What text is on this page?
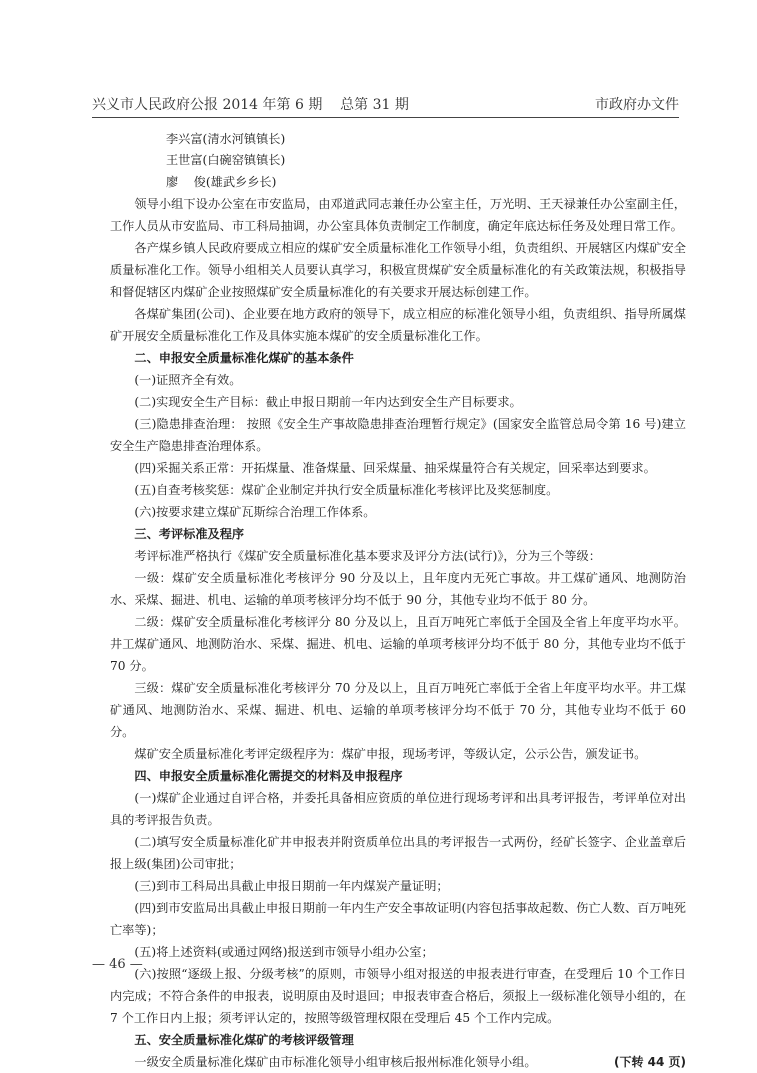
兴义市人民政府公报 2014 年第 6 期    总第 31 期	市政府办文件

李兴富(清水河镇镇长)

王世富(白碗窑镇镇长)

廖    俊(雄武乡乡长)

领导小组下设办公室在市安监局，由邓道武同志兼任办公室主任，万光明、王天禄兼任办公室副主任，工作人员从市安监局、市工科局抽调，办公室具体负责制定工作制度，确定年底达标任务及处理日常工作。

各产煤乡镇人民政府要成立相应的煤矿安全质量标准化工作领导小组，负责组织、开展辖区内煤矿安全质量标准化工作。领导小组相关人员要认真学习，积极宣贯煤矿安全质量标准化的有关政策法规，积极指导和督促辖区内煤矿企业按照煤矿安全质量标准化的有关要求开展达标创建工作。

各煤矿集团(公司)、企业要在地方政府的领导下，成立相应的标准化领导小组，负责组织、指导所属煤矿开展安全质量标准化工作及具体实施本煤矿的安全质量标准化工作。

二、申报安全质量标准化煤矿的基本条件

(一)证照齐全有效。

(二)实现安全生产目标：截止申报日期前一年内达到安全生产目标要求。

(三)隐患排查治理： 按照《安全生产事故隐患排查治理暂行规定》(国家安全监管总局令第 16 号)建立安全生产隐患排查治理体系。

(四)采掘关系正常：开拓煤量、准备煤量、回采煤量、抽采煤量符合有关规定，回采率达到要求。

(五)自查考核奖惩：煤矿企业制定并执行安全质量标准化考核评比及奖惩制度。

(六)按要求建立煤矿瓦斯综合治理工作体系。

三、考评标准及程序

考评标准严格执行《煤矿安全质量标准化基本要求及评分方法(试行)》，分为三个等级：

一级：煤矿安全质量标准化考核评分 90 分及以上，且年度内无死亡事故。井工煤矿通风、地测防治水、采煤、掘进、机电、运输的单项考核评分均不低于 90 分，其他专业均不低于 80 分。

二级：煤矿安全质量标准化考核评分 80 分及以上，且百万吨死亡率低于全国及全省上年度平均水平。井工煤矿通风、地测防治水、采煤、掘进、机电、运输的单项考核评分均不低于 80 分，其他专业均不低于 70 分。

三级：煤矿安全质量标准化考核评分 70 分及以上，且百万吨死亡率低于全省上年度平均水平。井工煤矿通风、地测防治水、采煤、掘进、机电、运输的单项考核评分均不低于 70 分，其他专业均不低于 60 分。

煤矿安全质量标准化考评定级程序为：煤矿申报，现场考评，等级认定，公示公告，颁发证书。

四、申报安全质量标准化需提交的材料及申报程序

(一)煤矿企业通过自评合格，并委托具备相应资质的单位进行现场考评和出具考评报告，考评单位对出具的考评报告负责。

(二)填写安全质量标准化矿井申报表并附资质单位出具的考评报告一式两份，经矿长签字、企业盖章后报上级(集团)公司审批；

(三)到市工科局出具截止申报日期前一年内煤炭产量证明；

(四)到市安监局出具截止申报日期前一年内生产安全事故证明(内容包括事故起数、伤亡人数、百万吨死亡率等)；

(五)将上述资料(或通过网络)报送到市领导小组办公室；

(六)按照“逐级上报、分级考核”的原则，市领导小组对报送的申报表进行审查，在受理后 10 个工作日内完成；不符合条件的申报表，说明原由及时退回；申报表审查合格后，须报上一级标准化领导小组的，在 7 个工作日内上报；须考评认定的，按照等级管理权限在受理后 45 个工作内完成。

五、安全质量标准化煤矿的考核评级管理
一级安全质量标准化煤矿由市标准化领导小组审核后报州标准化领导小组。	(下转 44 页)
— 46 —
